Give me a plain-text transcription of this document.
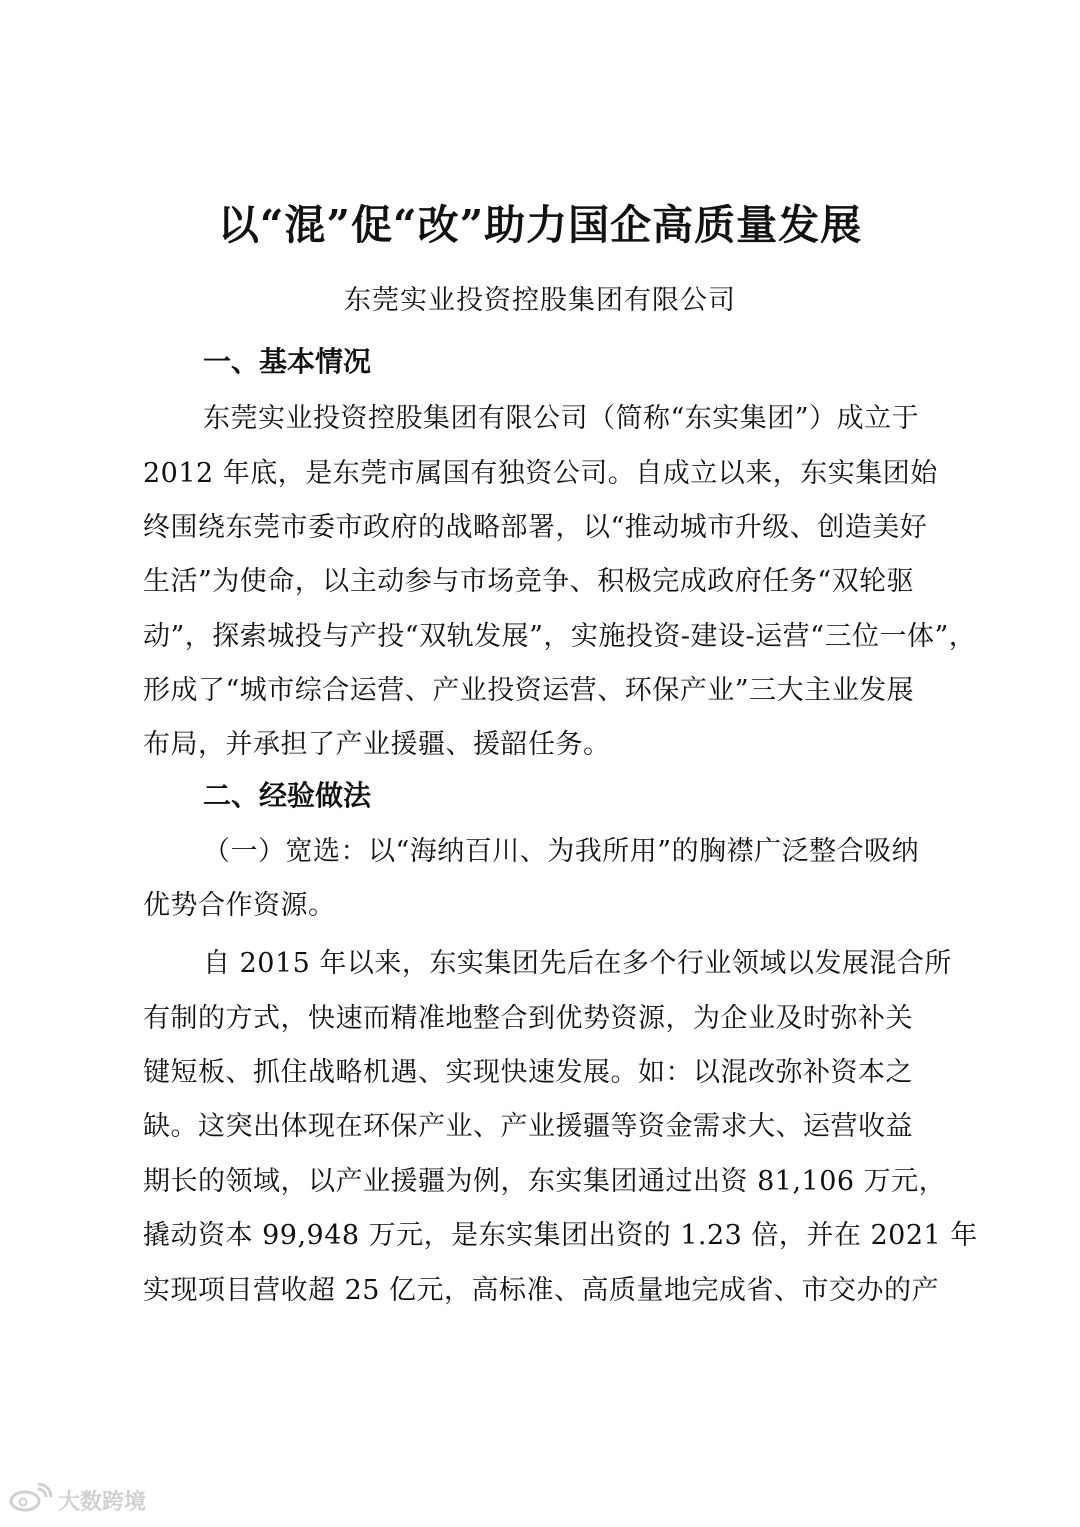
以“混”促“改”助力国企高质量发展
东莞实业投资控股集团有限公司
一、基本情况
东莞实业投资控股集团有限公司（简称“东实集团”）成立于
2012 年底，是东莞市属国有独资公司。自成立以来，东实集团始
终围绕东莞市委市政府的战略部署，以“推动城市升级、创造美好
生活”为使命，以主动参与市场竞争、积极完成政府任务“双轮驱
动”，探索城投与产投“双轨发展”，实施投资-建设-运营“三位一体”，
形成了“城市综合运营、产业投资运营、环保产业”三大主业发展
布局，并承担了产业援疆、援韶任务。
二、经验做法
（一）宽选：以“海纳百川、为我所用”的胸襟广泛整合吸纳
优势合作资源。
自 2015 年以来，东实集团先后在多个行业领域以发展混合所
有制的方式，快速而精准地整合到优势资源，为企业及时弥补关
键短板、抓住战略机遇、实现快速发展。如：以混改弥补资本之
缺。这突出体现在环保产业、产业援疆等资金需求大、运营收益
期长的领域，以产业援疆为例，东实集团通过出资 81,106 万元，
撬动资本 99,948 万元，是东实集团出资的 1.23 倍，并在 2021 年
实现项目营收超 25 亿元，高标准、高质量地完成省、市交办的产
大数跨境
